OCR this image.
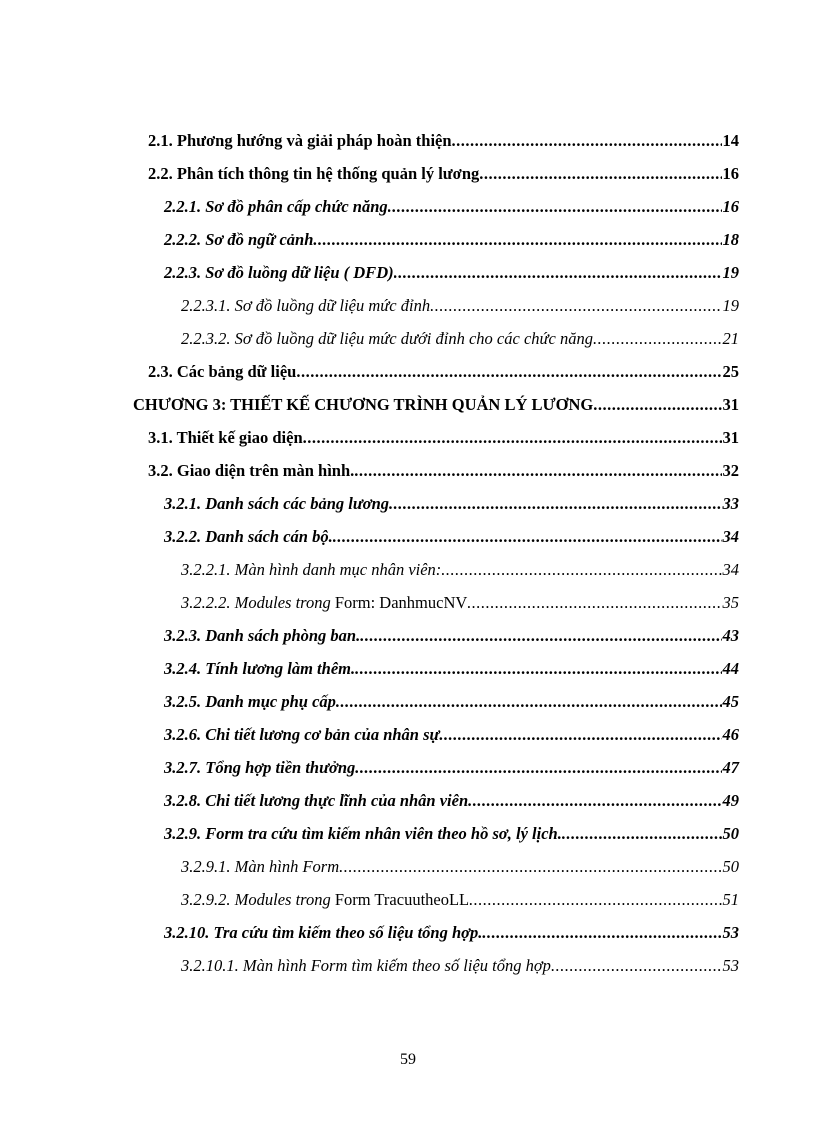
2.1. Phương hướng và giải pháp hoàn thiện .....	14
2.2. Phân tích thông tin hệ thống quản lý lương .....	16
2.2.1. Sơ đồ phân cấp chức năng .....	16
2.2.2. Sơ đồ ngữ cảnh .....	18
2.2.3. Sơ đồ luồng dữ liệu ( DFD) .....	19
2.2.3.1. Sơ đồ luồng dữ liệu mức đỉnh .....	19
2.2.3.2. Sơ đồ luồng dữ liệu mức dưới đỉnh cho các chức năng .....	21
2.3. Các bảng dữ liệu .....	25
CHƯƠNG 3: THIẾT KẾ CHƯƠNG TRÌNH QUẢN LÝ LƯƠNG .....	31
3.1. Thiết kế giao diện .....	31
3.2. Giao diện trên màn hình. .....	32
3.2.1. Danh sách các bảng lương .....	33
3.2.2. Danh sách cán bộ. .....	34
3.2.2.1. Màn hình danh mục nhân viên: .....	34
3.2.2.2. Modules trong Form: DanhmucNV .....	35
3.2.3. Danh sách phòng ban. .....	43
3.2.4. Tính lương làm thêm. .....	44
3.2.5. Danh mục phụ cấp .....	45
3.2.6. Chi tiết lương cơ bản của nhân sự .....	46
3.2.7. Tổng hợp tiền thưởng .....	47
3.2.8. Chi tiết lương thực lĩnh của nhân viên .....	49
3.2.9. Form tra cứu tìm kiếm nhân viên theo hồ sơ, lý lịch. .....	50
3.2.9.1. Màn hình Form .....	50
3.2.9.2. Modules trong Form TracuutheoLL .....	51
3.2.10. Tra cứu tìm kiếm theo số liệu tổng hợp. .....	53
3.2.10.1. Màn hình Form tìm kiếm theo số liệu tổng hợp .....	53
59
